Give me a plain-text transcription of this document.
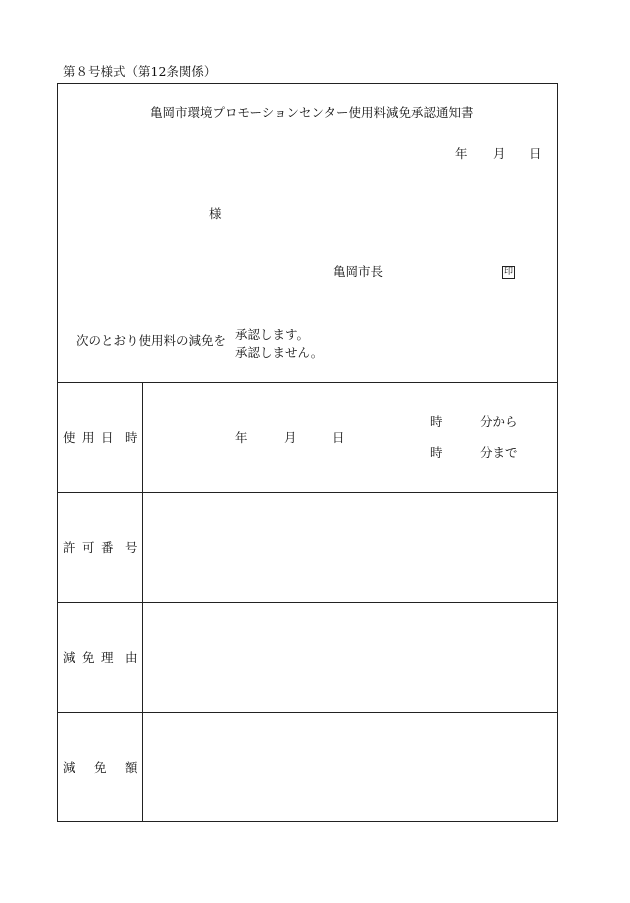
第８号様式（第12条関係）
亀岡市環境プロモーションセンター使用料減免承認通知書
年 月 日
様
亀岡市長	印
次のとおり使用料の減免を 承認します。
承認しません。
使 用 日 時	年	月	日
時	分から
時	分まで
許 可 番 号
減 免 理 由
減 免 額
